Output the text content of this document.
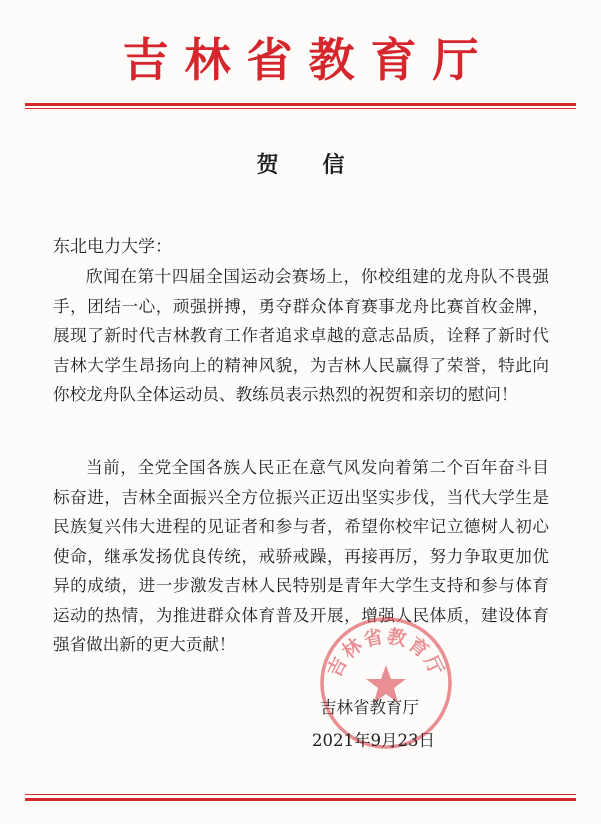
吉林省教育厅
贺 信
东北电力大学：

欣闻在第十四届全国运动会赛场上，你校组建的龙舟队不畏强手，团结一心，顽强拼搏，勇夺群众体育赛事龙舟比赛首枚金牌，展现了新时代吉林教育工作者追求卓越的意志品质，诠释了新时代吉林大学生昂扬向上的精神风貌，为吉林人民赢得了荣誉，特此向你校龙舟队全体运动员、教练员表示热烈的祝贺和亲切的慰问！

当前，全党全国各族人民正在意气风发向着第二个百年奋斗目标奋进，吉林全面振兴全方位振兴正迈出坚实步伐，当代大学生是民族复兴伟大进程的见证者和参与者，希望你校牢记立德树人初心使命，继承发扬优良传统，戒骄戒躁，再接再厉，努力争取更加优异的成绩，进一步激发吉林人民特别是青年大学生支持和参与体育运动的热情，为推进群众体育普及开展，增强人民体质，建设体育强省做出新的更大贡献！

吉林省教育厅
吉林省教育厅
2021年9月23日
